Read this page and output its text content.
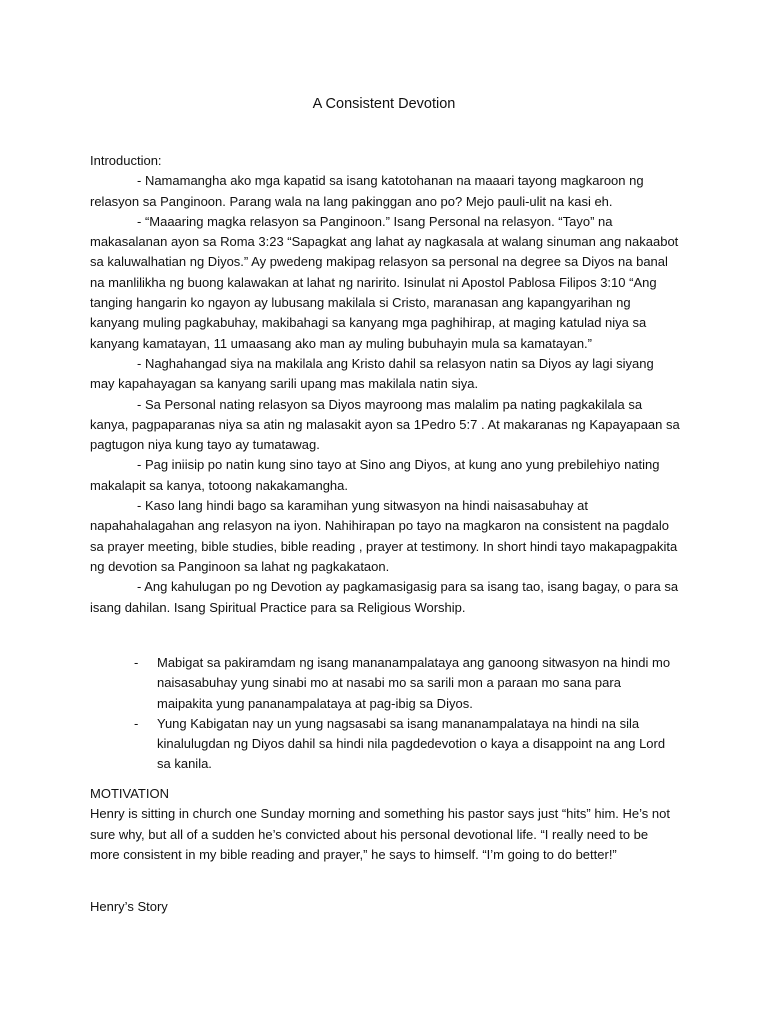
A Consistent Devotion

Introduction:

- Namamangha ako mga kapatid sa isang katotohanan na maaari tayong magkaroon ng relasyon sa Panginoon. Parang wala na lang pakinggan ano po? Mejo pauli-ulit na kasi eh.

- “Maaaring magka relasyon sa Panginoon.” Isang Personal na relasyon. “Tayo” na makasalanan ayon sa Roma 3:23 “Sapagkat ang lahat ay nagkasala at walang sinuman ang nakaabot sa kaluwalhatian ng Diyos.” Ay pwedeng makipag relasyon sa personal na degree sa Diyos na banal na manlilikha ng buong kalawakan at lahat ng naririto. Isinulat ni Apostol Pablosa Filipos 3:10 “Ang tanging hangarin ko ngayon ay lubusang makilala si Cristo, maranasan ang kapangyarihan ng kanyang muling pagkabuhay, makibahagi sa kanyang mga paghihirap, at maging katulad niya sa kanyang kamatayan, 11 umaasang ako man ay muling bubuhayin mula sa kamatayan.”

- Naghahangad siya na makilala ang Kristo dahil sa relasyon natin sa Diyos ay lagi siyang may kapahayagan sa kanyang sarili upang mas makilala natin siya.

- Sa Personal nating relasyon sa Diyos mayroong mas malalim pa nating pagkakilala sa kanya, pagpaparanas niya sa atin ng malasakit ayon sa 1Pedro 5:7 . At makaranas ng Kapayapaan sa pagtugon niya kung tayo ay tumatawag.

- Pag iniisip po natin kung sino tayo at Sino ang Diyos, at kung ano yung prebilehiyo nating makalapit sa kanya, totoong nakakamangha.

- Kaso lang hindi bago sa karamihan yung sitwasyon na hindi naisasabuhay at napahahalagahan ang relasyon na iyon. Nahihirapan po tayo na magkaron na consistent na pagdalo sa prayer meeting, bible studies, bible reading , prayer at testimony. In short hindi tayo makapagpakita ng devotion sa Panginoon sa lahat ng pagkakataon.

- Ang kahulugan po ng Devotion ay pagkamasigasig para sa isang tao, isang bagay, o para sa isang dahilan. Isang Spiritual Practice para sa Religious Worship.

- Mabigat sa pakiramdam ng isang mananampalataya ang ganoong sitwasyon na hindi mo naisasabuhay yung sinabi mo at nasabi mo sa sarili mon a paraan mo sana para maipakita yung pananampalataya at pag-ibig sa Diyos.
- Yung Kabigatan nay un yung nagsasabi sa isang mananampalataya na hindi na sila kinalulugdan ng Diyos dahil sa hindi nila pagdedevotion o kaya a disappoint na ang Lord sa kanila.

MOTIVATION

Henry is sitting in church one Sunday morning and something his pastor says just “hits” him. He’s not sure why, but all of a sudden he’s convicted about his personal devotional life. “I really need to be more consistent in my bible reading and prayer,” he says to himself. “I’m going to do better!”

Henry’s Story
